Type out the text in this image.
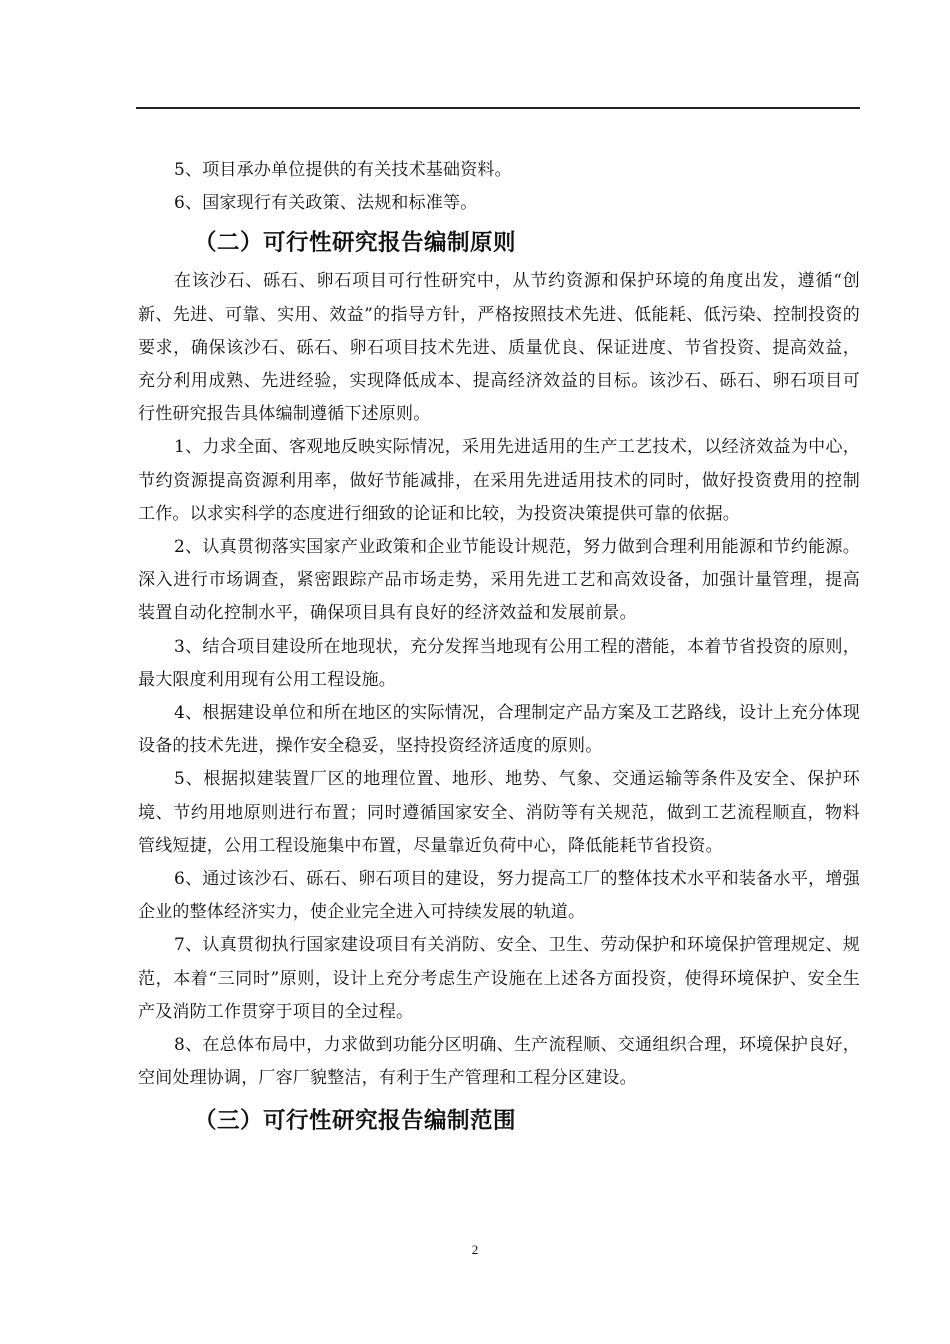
5、项目承办单位提供的有关技术基础资料。

6、国家现行有关政策、法规和标准等。

（二）可行性研究报告编制原则

在该沙石、砾石、卵石项目可行性研究中，从节约资源和保护环境的角度出发，遵循“创新、先进、可靠、实用、效益”的指导方针，严格按照技术先进、低能耗、低污染、控制投资的要求，确保该沙石、砾石、卵石项目技术先进、质量优良、保证进度、节省投资、提高效益，充分利用成熟、先进经验，实现降低成本、提高经济效益的目标。该沙石、砾石、卵石项目可行性研究报告具体编制遵循下述原则。

1、力求全面、客观地反映实际情况，采用先进适用的生产工艺技术，以经济效益为中心，节约资源提高资源利用率，做好节能减排，在采用先进适用技术的同时，做好投资费用的控制工作。以求实科学的态度进行细致的论证和比较，为投资决策提供可靠的依据。

2、认真贯彻落实国家产业政策和企业节能设计规范，努力做到合理利用能源和节约能源。深入进行市场调查，紧密跟踪产品市场走势，采用先进工艺和高效设备，加强计量管理，提高装置自动化控制水平，确保项目具有良好的经济效益和发展前景。

3、结合项目建设所在地现状，充分发挥当地现有公用工程的潜能，本着节省投资的原则，最大限度利用现有公用工程设施。

4、根据建设单位和所在地区的实际情况，合理制定产品方案及工艺路线，设计上充分体现设备的技术先进，操作安全稳妥，坚持投资经济适度的原则。

5、根据拟建装置厂区的地理位置、地形、地势、气象、交通运输等条件及安全、保护环境、节约用地原则进行布置；同时遵循国家安全、消防等有关规范，做到工艺流程顺直，物料管线短捷，公用工程设施集中布置，尽量靠近负荷中心，降低能耗节省投资。

6、通过该沙石、砾石、卵石项目的建设，努力提高工厂的整体技术水平和装备水平，增强企业的整体经济实力，使企业完全进入可持续发展的轨道。

7、认真贯彻执行国家建设项目有关消防、安全、卫生、劳动保护和环境保护管理规定、规范，本着“三同时”原则，设计上充分考虑生产设施在上述各方面投资，使得环境保护、安全生产及消防工作贯穿于项目的全过程。

8、在总体布局中，力求做到功能分区明确、生产流程顺、交通组织合理，环境保护良好，空间处理协调，厂容厂貌整洁，有利于生产管理和工程分区建设。

（三）可行性研究报告编制范围
2
